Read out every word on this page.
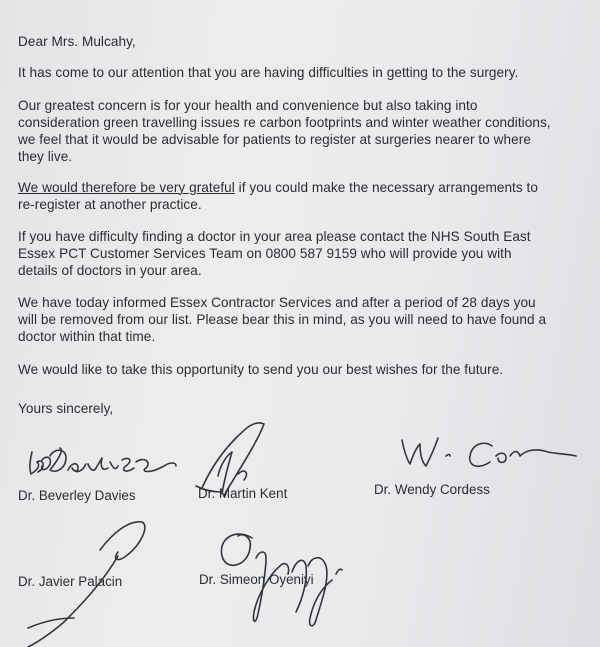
Dear Mrs. Mulcahy,
It has come to our attention that you are having difficulties in getting to the surgery.
Our greatest concern is for your health and convenience but also taking into
consideration green travelling issues re carbon footprints and winter weather conditions,
we feel that it would be advisable for patients to register at surgeries nearer to where
they live.
We would therefore be very grateful if you could make the necessary arrangements to
re-register at another practice.
If you have difficulty finding a doctor in your area please contact the NHS South East
Essex PCT Customer Services Team on 0800 587 9159 who will provide you with
details of doctors in your area.
We have today informed Essex Contractor Services and after a period of 28 days you
will be removed from our list. Please bear this in mind, as you will need to have found a
doctor within that time.
We would like to take this opportunity to send you our best wishes for the future.
Yours sincerely,
Dr. Beverley Davies	Dr. Martin Kent	Dr. Wendy Cordess
Dr. Javier Palacin	Dr. Simeon Oyeniyi
